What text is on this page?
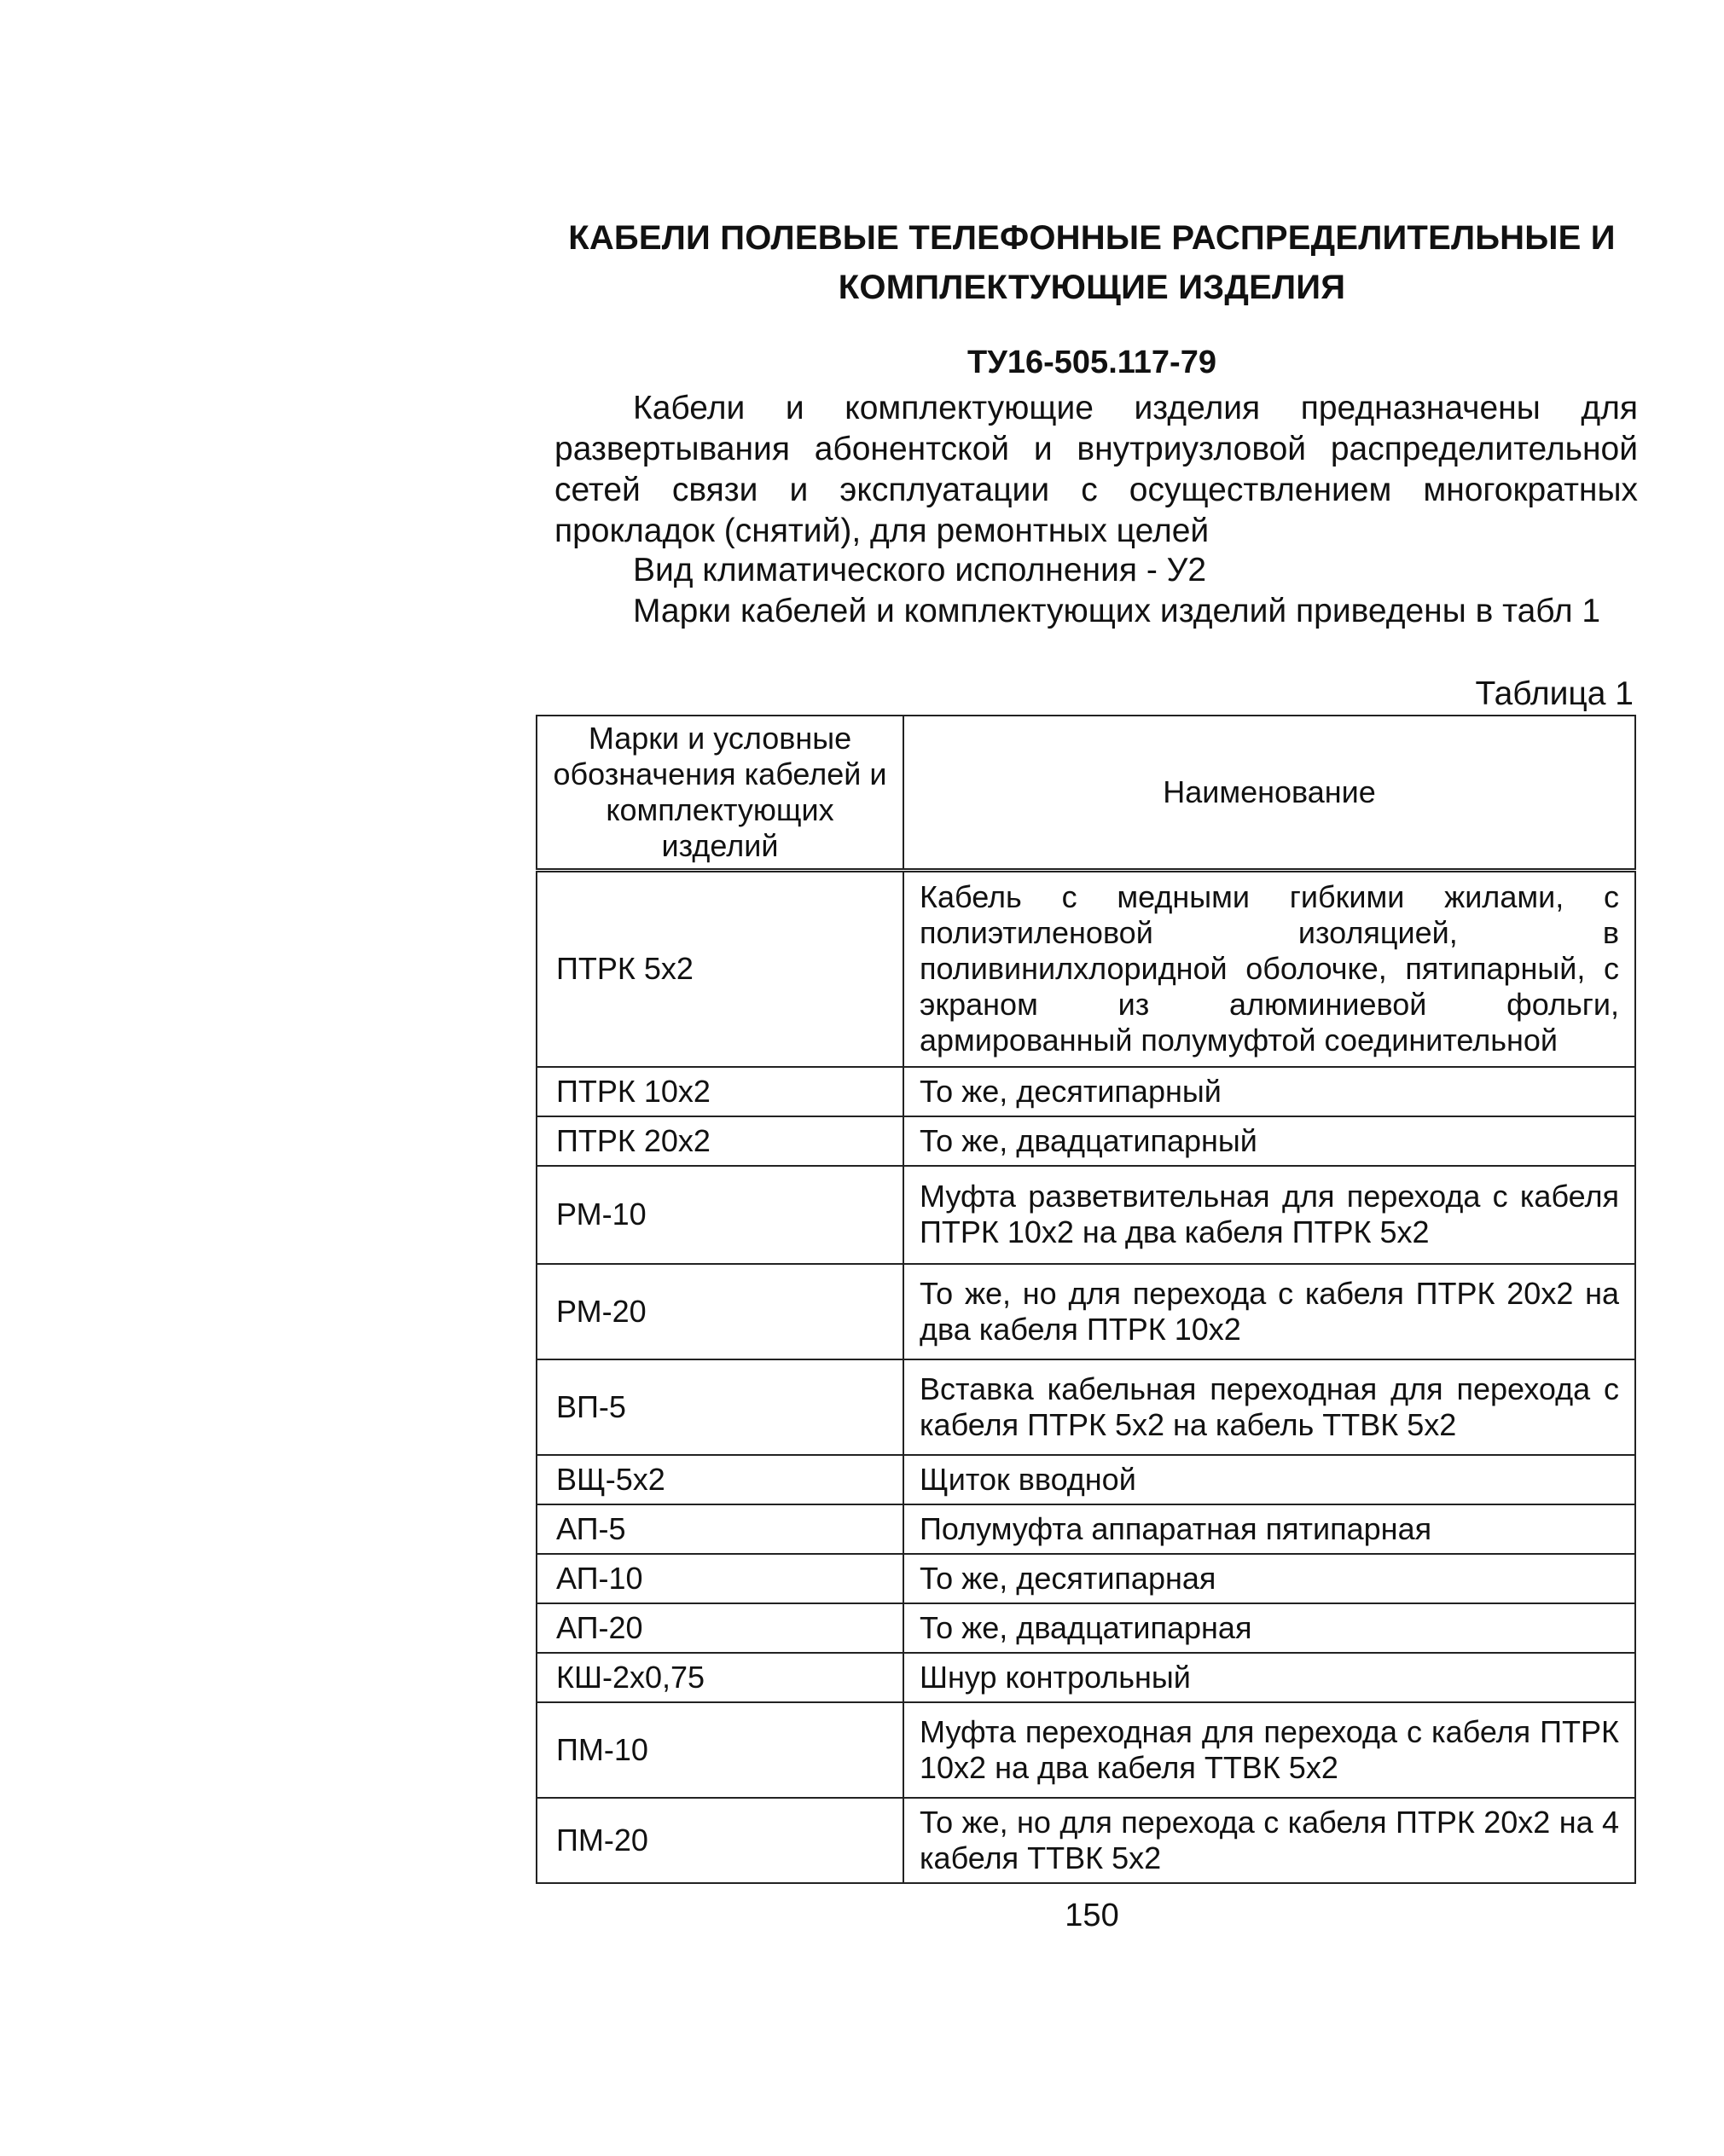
КАБЕЛИ ПОЛЕВЫЕ ТЕЛЕФОННЫЕ РАСПРЕДЕЛИТЕЛЬНЫЕ И
КОМПЛЕКТУЮЩИЕ ИЗДЕЛИЯ
ТУ16-505.117-79
Кабели и комплектующие изделия предназначены для развертывания абонентской и внутриузловой распределительной сетей связи и эксплуатации с осуществлением многократных прокладок (снятий), для ремонтных целей
Вид климатического исполнения - У2
Марки кабелей и комплектующих изделий приведены в табл 1
Таблица 1
Марки и условные обозначения кабелей и комплектующих изделий	Наименование
ПТРК 5х2	Кабель с медными гибкими жилами, с полиэтиленовой изоляцией, в поливинилхлоридной оболочке, пятипарный, с экраном из алюминиевой фольги, армированный полумуфтой соединительной
ПТРК 10х2	То же, десятипарный
ПТРК 20х2	То же, двадцатипарный
РМ-10	Муфта разветвительная для перехода с кабеля ПТРК 10х2 на два кабеля ПТРК 5х2
РМ-20	То же, но для перехода с кабеля ПТРК 20х2 на два кабеля ПТРК 10х2
ВП-5	Вставка кабельная переходная для перехода с кабеля ПТРК 5х2 на кабель ТТВК 5х2
ВЩ-5х2	Щиток вводной
АП-5	Полумуфта аппаратная пятипарная
АП-10	То же, десятипарная
АП-20	То же, двадцатипарная
КШ-2х0,75	Шнур контрольный
ПМ-10	Муфта переходная для перехода с кабеля ПТРК 10х2 на два кабеля ТТВК 5х2
ПМ-20	То же, но для перехода с кабеля ПТРК 20х2 на 4 кабеля ТТВК 5х2
150
